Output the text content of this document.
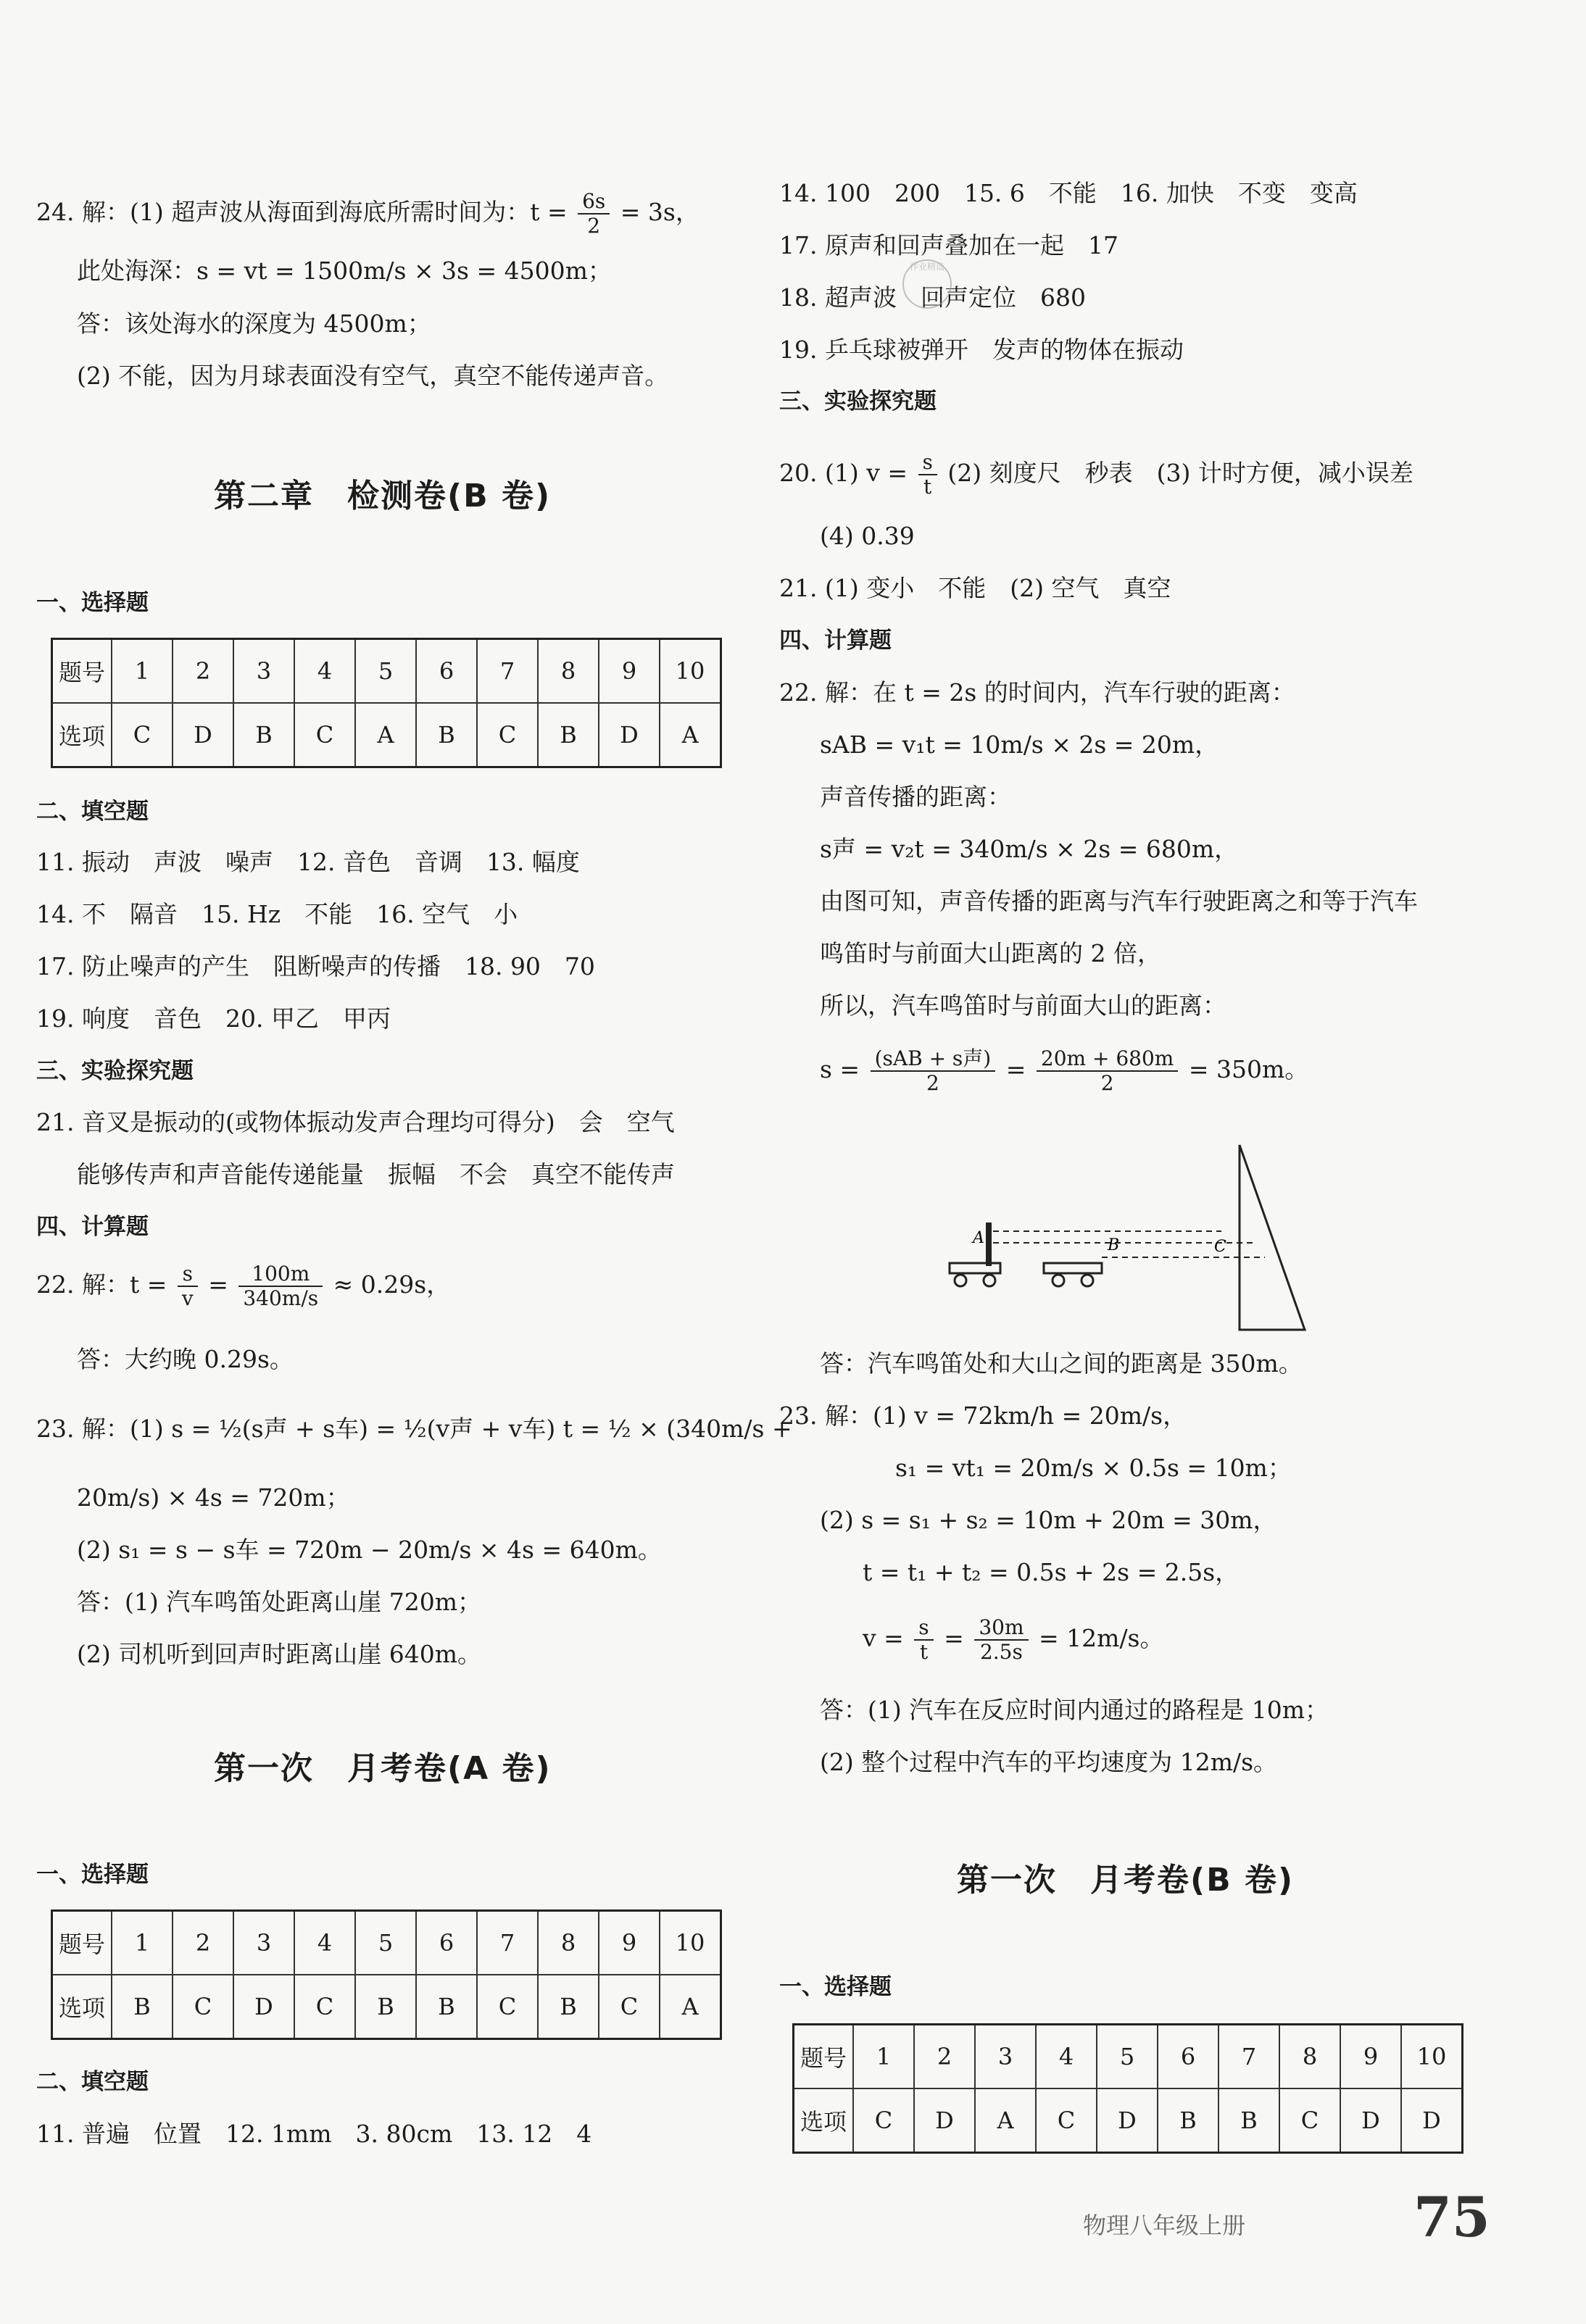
24. 解：(1) 超声波从海面到海底所需时间为：$t = \frac{6s}{2} = 3s$，
此处海深：s = vt = 1500m/s × 3s = 4500m；
答：该处海水的深度为 4500m；
(2) 不能，因为月球表面没有空气，真空不能传递声音。
第二章　检测卷(B 卷)
一、选择题
题号	1	2	3	4	5	6	7	8	9	10
选项	C	D	B	C	A	B	C	B	D	A
二、填空题
11. 振动　声波　噪声　12. 音色　音调　13. 幅度
14. 不　隔音　15. Hz　不能　16. 空气　小
17. 防止噪声的产生　阻断噪声的传播　18. 90　70
19. 响度　音色　20. 甲乙　甲丙
三、实验探究题
21. 音叉是振动的(或物体振动发声合理均可得分)　会　空气
能够传声和声音能传递能量　振幅　不会　真空不能传声
四、计算题
22. 解：$t = \frac{s}{v} = \frac{100m}{340m/s} \approx 0.29s$，
答：大约晚 0.29s。
23. 解：(1) s = ½(s声 + s车) = ½(v声 + v车) t = ½ × (340m/s +
20m/s) × 4s = 720m；
(2) s₁ = s − s车 = 720m − 20m/s × 4s = 640m。
答：(1) 汽车鸣笛处距离山崖 720m；
(2) 司机听到回声时距离山崖 640m。
第一次　月考卷(A 卷)
一、选择题
题号	1	2	3	4	5	6	7	8	9	10
选项	B	C	D	C	B	B	C	B	C	A
二、填空题
11. 普遍　位置　12. 1mm　3. 80cm　13. 12　4
14. 100　200　15. 6　不能　16. 加快　不变　变高
17. 原声和回声叠加在一起　17
18. 超声波　回声定位　680
19. 乒乓球被弹开　发声的物体在振动
三、实验探究题
20. (1) $v = \frac{s}{t} (2)$ 刻度尺　秒表　(3) 计时方便，减小误差
(4) 0.39
21. (1) 变小　不能　(2) 空气　真空
四、计算题
22. 解：在 t = 2s 的时间内，汽车行驶的距离：
sAB = v₁t = 10m/s × 2s = 20m，
声音传播的距离：
s声 = v₂t = 340m/s × 2s = 680m，
由图可知，声音传播的距离与汽车行驶距离之和等于汽车
鸣笛时与前面大山距离的 2 倍，
所以，汽车鸣笛时与前面大山的距离：
$s = \frac{\text{(sAB + s声)}}{2} = \frac{20m + 680m}{2} = 350m$。
A	B	C
答：汽车鸣笛处和大山之间的距离是 350m。
23. 解：(1) v = 72km/h = 20m/s，
s₁ = vt₁ = 20m/s × 0.5s = 10m；
(2) s = s₁ + s₂ = 10m + 20m = 30m，
t = t₁ + t₂ = 0.5s + 2s = 2.5s，
$v = \frac{s}{t} = \frac{30m}{2.5s} = 12m/s$。
答：(1) 汽车在反应时间内通过的路程是 10m；
(2) 整个过程中汽车的平均速度为 12m/s。
第一次　月考卷(B 卷)
一、选择题
题号	1	2	3	4	5	6	7	8	9	10
选项	C	D	A	C	D	B	B	C	D	D
作业精选
物理八年级上册	75
